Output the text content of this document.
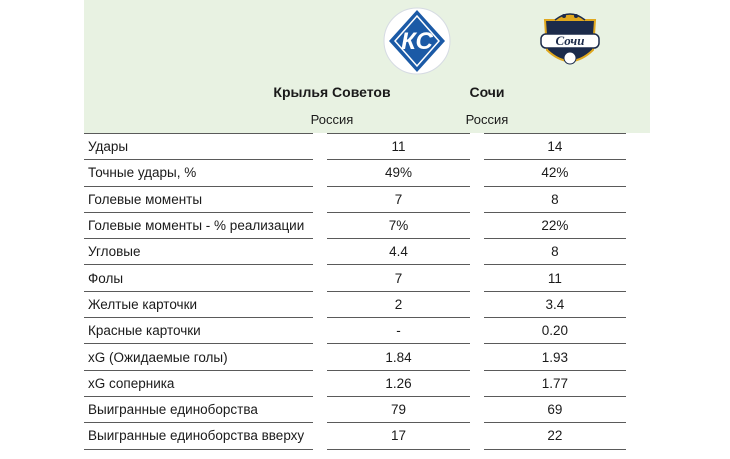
КС	Сочи
Крылья Советов	Сочи
Россия	Россия
Удары		11		14	
Точные удары, %		49%		42%	
Голевые моменты		7		8	
Голевые моменты - % реализации		7%		22%	
Угловые		4.4		8	
Фолы		7		11	
Желтые карточки		2		3.4	
Красные карточки		-		0.20	
xG (Ожидаемые голы)		1.84		1.93	
xG соперника		1.26		1.77	
Выигранные единоборства		79		69	
Выигранные единоборства вверху		17		22	
